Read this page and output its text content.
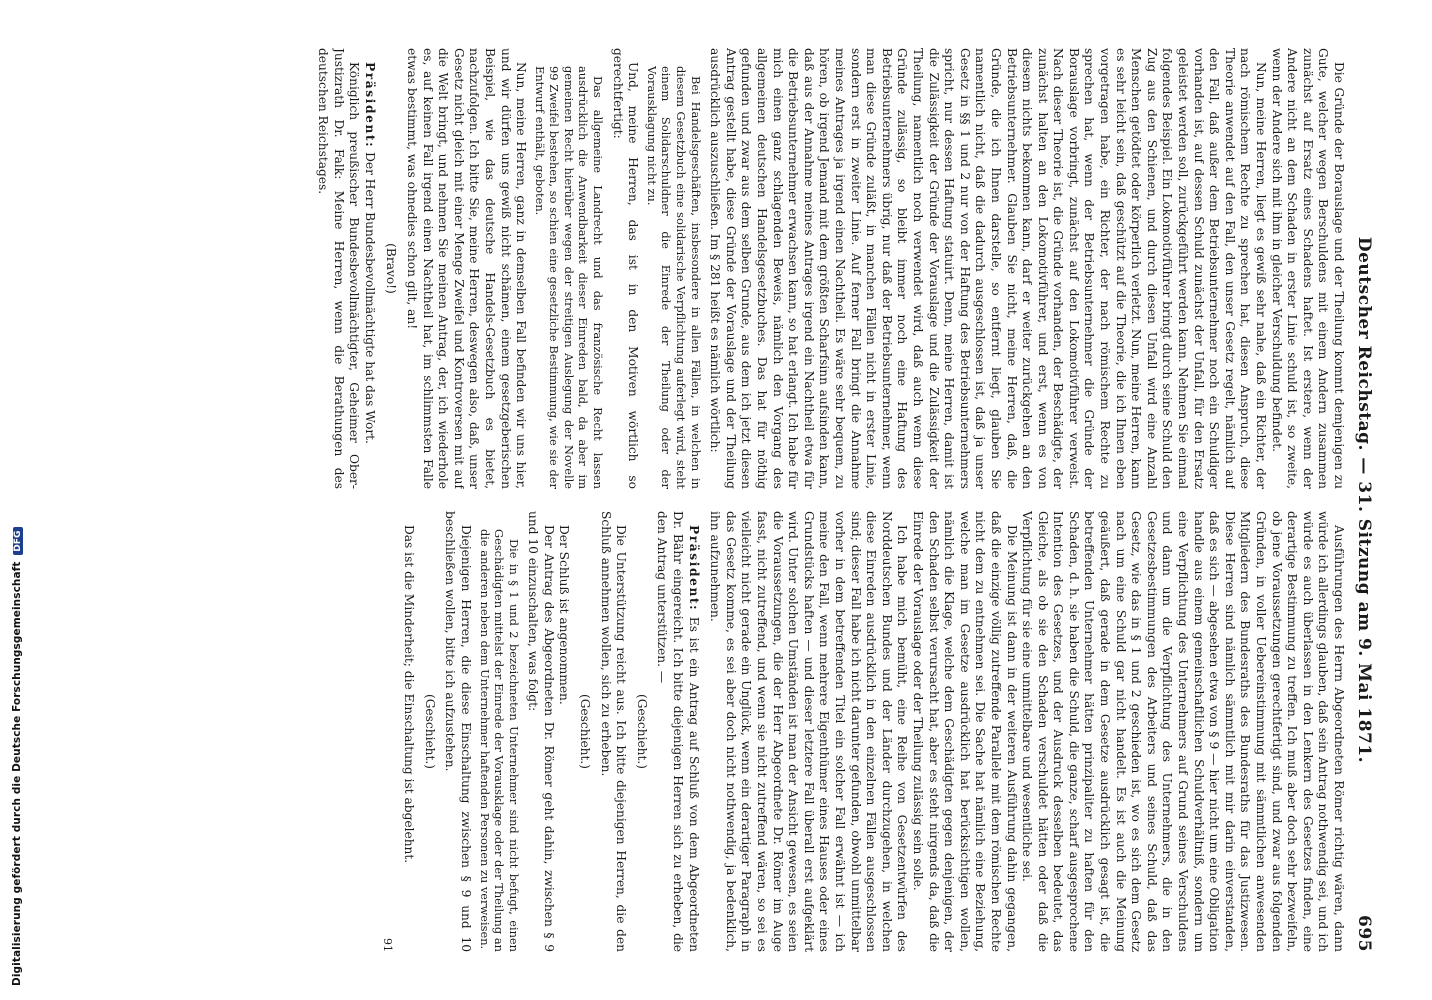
Deutscher Reichstag. — 31. Sitzung am 9. Mai 1871.
695

Die Gründe der Borauslage und der Theilung kommt demjenigen zu Gute, welcher wegen Berschuldens mit einem Andern zusammen zunächst auf Ersatz eines Schadens haftet. Ist erstere, wenn der Andere nicht an dem Schaden in erster Linie schuld ist, so zweite, wenn der Andere sich mit ihm in gleicher Verschuldung befindet.

Nun, meine Herren, liegt es gewiß sehr nahe, daß ein Richter, der nach römischem Rechte zu sprechen hat, diesen Anspruch, diese Theorie anwendet auf den Fall, den unser Gesetz regelt, nämlich auf den Fall, daß außer dem Betriebsunternehmer noch ein Schuldiger vorhanden ist, auf dessen Schuld zunächst der Unfall, für den Ersatz geleistet werden soll, zurückgeführt werden kann. Nehmen Sie einmal folgendes Beispiel. Ein Lokomotivführer bringt durch seine Schuld den Zug aus den Schienen, und durch diesen Unfall wird eine Anzahl Menschen getödtet oder körperlich verletzt. Nun, meine Herren, kann es sehr leicht sein, daß geschützt auf die Theorie, die ich Ihnen eben vorgetragen habe, ein Richter, der nach römischem Rechte zu sprechen hat, wenn der Betriebsunternehmer die Gründe der Borauslage vorbringt, zunächst auf den Lokomotivführer verweist. Nach dieser Theorie ist, die Gründe vorhanden, der Beschädigte, der zunächst halten an den Lokomotivführer, und erst, wenn es von diesem nichts bekommen kann, darf er weiter zurückgehen an den Betriebsunternehmer. Glauben Sie nicht, meine Herren, daß, die Gründe, die ich Ihnen darstelle, so entfernt liegt, glauben Sie namentlich nicht, daß die dadurch ausgeschlossen ist, daß ja unser Gesetz in §§ 1 und 2 nur von der Haftung des Betriebsunternehmers spricht, nur dessen Haftung statuirt. Denn, meine Herren, damit ist die Zulässigkeit der Gründe der Vorauslage und die Zulässigkeit der Theilung, namentlich noch verwendet wird, daß auch wenn diese Gründe zulässig, so bleibt immer noch eine Haftung des Betriebsunternehmers übrig, nur daß der Betriebsunternehmer, wenn man diese Gründe zuläßt, in manchen Fällen nicht in erster Linie, sondern erst in zweiter Linie. Auf ferner Fall bringt die Annahme meines Antrages ja irgend einen Nachtheil. Es wäre sehr bequem, zu hören, ob irgend Jemand mit dem größten Scharfsinn aufsinden kann, daß aus der Annahme meines Antrages irgend ein Nachtheil etwa für die Betriebsunternehmer erwachsen kann, so hat erlangt. Ich habe für mich einen ganz schlagenden Beweis, nämlich den Vorgang des allgemeinen deutschen Handelsgesetzbuches. Das hat für nöthig gefunden und zwar aus dem selben Grunde, aus dem ich jetzt diesen Antrag gestellt habe, diese Gründe der Vorauslage und der Theilung ausdrücklich auszuschließen. Im § 281 heißt es nämlich wörtlich:

Bei Handelsgeschäften, insbesondere in allen Fällen, in welchen in diesem Gesetzbuch eine solidarische Verpflichtung auferlegt wird, steht einem Solidarschuldner die Einrede der Theilung oder der Vorausklagung nicht zu.

Und, meine Herren, das ist in den Motiven wörtlich so gerechtfertigt:

Das allgemeine Landrecht und das französische Recht lassen ausdrücklich die Anwendbarkeit dieser Einreden bald, da aber im gemeinen Recht hierüber wegen der streitigen Auslegung der Novelle 99 Zweifel bestehen, so schien eine gesetzliche Bestimmung, wie sie der Entwurf enthält, geboten.

Nun, meine Herren, ganz in demselben Fall befinden wir uns hier, und wir dürfen uns gewiß nicht schämen, einem gesetzgeberischen Beispiel, wie das deutsche Handels-Gesetzbuch es bietet, nachzufolgen. Ich bitte Sie, meine Herren, deswegen also, daß, unser Gesetz nicht gleich mit einer Menge Zweifel und Kontroversen mit auf die Welt bringt, und nehmen Sie meinen Antrag, der, ich wiederhole es, auf keinen Fall irgend einen Nachtheil hat, im schlimmsten Falle etwas bestimmt, was ohnedies schon gilt, an!

(Bravo!)

Präsident: Der Herr Bundesbevollmächtigte hat das Wort.

Königlich preußischer Bundesbevollmächtigter, Geheimer Ober-Justizrath Dr. Falk: Meine Herren, wenn die Berathungen des deutschen Reichstages.

Ausführungen des Herrn Abgeordneten Römer richtig wären, dann würde ich allerdings glauben, daß sein Antrag nothwendig sei, und ich würde es auch überlassen in den Lenkern des Gesetzes finden, eine derartige Bestimmung zu treffen. Ich muß aber doch sehr bezweifeln, ob jene Voraussetzungen gerechtfertigt sind, und zwar aus folgenden Gründen, in voller Uebereinstimmung mit sämmtlichen anwesenden Mitgliedern des Bundesraths des Bundesraths für das Justizwesen. Diese Herren sind nämlich sämmtlich mit mir darin einverstanden, daß es sich — abgesehen etwa von § 9 — hier nicht um eine Obligation handle aus einem gemeinschaftlichen Schuldverhältniß, sondern um eine Verpflichtung des Unternehmers auf Grund seines Verschuldens und dann um die Verpflichtung des Unternehmers, die in den Gesetzesbestimmungen des Arbeiters und seines Schuld, daß das Gesetz, wie das in § 1 und 2 geschieden ist, wo es sich dem Gesetz nach um eine Schuld gar nicht handelt. Es ist auch die Meinung geäußert, daß gerade in dem Gesetze ausdrücklich gesagt ist, die betreffenden Unternehmer hätten prinzipaliter zu haften für den Schaden, d. h. sie haben die Schuld, die ganze, scharf ausgesprochene Intention des Gesetzes, und der Ausdruck desselben bedeutet, das Gleiche, als ob sie den Schaden verschuldet hätten oder daß die Verpflichtung für sie eine unmittelbare und wesentliche sei.

Die Meinung ist dann in der weiteren Ausführung dahin gegangen, daß die einzige völlig zutreffende Parallele mit dem römischen Rechte nicht dem zu entnehmen sei. Die Sache hat nämlich eine Beziehung, welche man im Gesetze ausdrücklich hat berücksichtigen wollen, nämlich die Klage, welche dem Geschädigten gegen denjenigen, der den Schaden selbst verursacht hat, aber es steht nirgends da, daß die Einrede der Vorauslage oder der Theilung zulässig sein solle.

Ich habe mich bemüht, eine Reihe von Gesetzentwürfen des Norddeutschen Bundes und der Länder durchzugehen, in welchen diese Einreden ausdrücklich in den einzelnen Fällen ausgeschlossen sind; dieser Fall habe ich nicht darunter gefunden, obwohl unmittelbar vorher in dem betreffenden Titel ein solcher Fall erwähnt ist — ich meine den Fall, wenn mehrere Eigenthümer eines Hauses oder eines Grundstücks haften — und dieser letztere Fall überall erst aufgeklärt wird. Unter solchen Umständen ist man der Ansicht gewesen, es seien die Voraussetzungen, die der Herr Abgeordnete Dr. Römer im Auge fasst, nicht zutreffend, und wenn sie nicht zutreffend wären, so sei es vielleicht nicht gerade ein Unglück, wenn ein derartiger Paragraph in das Gesetz komme, es sei aber doch nicht nothwendig, ja bedenklich, ihn aufzunehmen.

Präsident: Es ist ein Antrag auf Schluß von dem Abgeordneten Dr. Bähr eingereicht. Ich bitte diejenigen Herren sich zu erheben, die den Antrag unterstützen. —

(Geschieht.)

Die Unterstützung reicht aus. Ich bitte diejenigen Herren, die den Schluß annehmen wollen, sich zu erheben.

(Geschieht.)

Der Schluß ist angenommen.

Der Antrag des Abgeordneten Dr. Römer geht dahin, zwischen § 9 und 10 einzuschalten, was folgt:

Die in § 1 und 2 bezeichneten Unternehmer sind nicht befugt, einen Geschädigten mittelst der Einrede der Vorausklage oder der Theilung an die anderen neben dem Unternehmer haftenden Personen zu verweisen.

Diejenigen Herren, die diese Einschaltung zwischen § 9 und 10 beschließen wollen, bitte ich aufzustehen.

(Geschieht.)

Das ist die Minderheit; die Einschaltung ist abgelehnt.

91

Digitalisierung gefördert durch die Deutsche Forschungsgemeinschaft DFG
